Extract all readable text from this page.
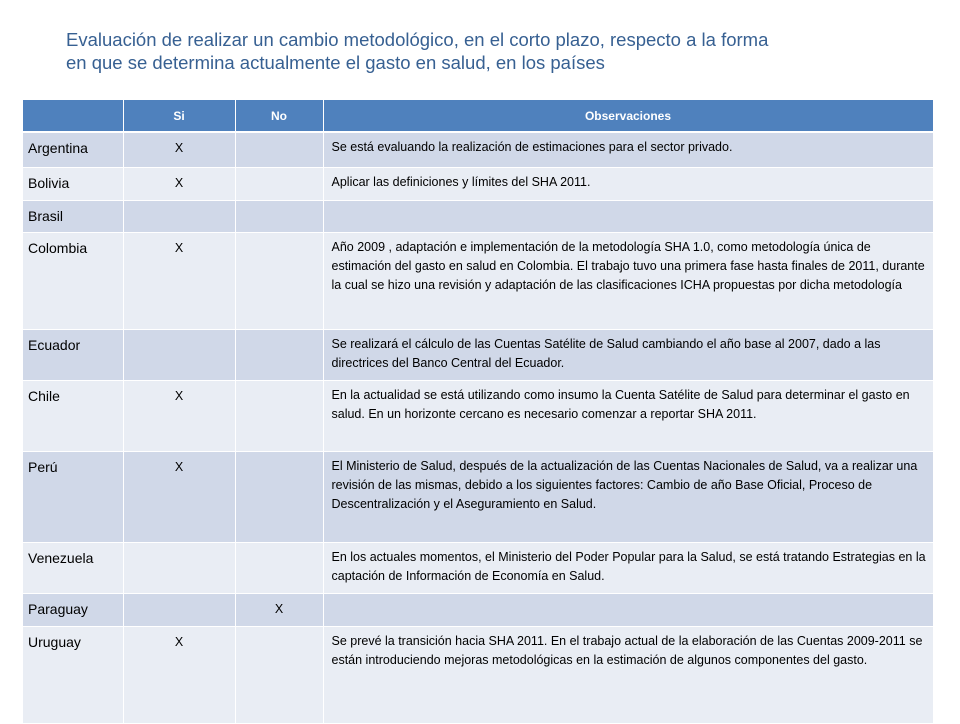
Evaluación de realizar un cambio metodológico, en el corto plazo, respecto a la forma
en que se determina actualmente el gasto en salud, en los países
	Si	No	Observaciones
Argentina	X		Se está evaluando la realización de estimaciones para el sector privado.
Bolivia	X		Aplicar las definiciones y límites del SHA 2011.
Brasil			
Colombia	X		Año 2009 , adaptación e implementación de la metodología SHA 1.0, como metodología única de estimación del gasto en salud en Colombia. El trabajo tuvo una primera fase hasta finales de 2011, durante la cual se hizo una revisión y adaptación de las clasificaciones ICHA propuestas por dicha metodología
Ecuador			Se realizará el cálculo de las Cuentas Satélite de Salud cambiando el año base al 2007, dado a las directrices del Banco Central del Ecuador.
Chile	X		En la actualidad se está utilizando como insumo la Cuenta Satélite de Salud para determinar el gasto en salud. En un horizonte cercano es necesario comenzar a reportar SHA 2011.
Perú	X		El Ministerio de Salud, después de la actualización de las Cuentas Nacionales de Salud, va a realizar una revisión de las mismas, debido a los siguientes factores: Cambio de año Base Oficial, Proceso de Descentralización y el Aseguramiento en Salud.
Venezuela			En los actuales momentos, el Ministerio del Poder Popular para la Salud, se está tratando Estrategias en la captación de Información de Economía en Salud.
Paraguay		X	
Uruguay	X		Se prevé la transición hacia SHA 2011. En el trabajo actual de la elaboración de las Cuentas 2009-2011 se están introduciendo mejoras metodológicas en la estimación de algunos componentes del gasto.
